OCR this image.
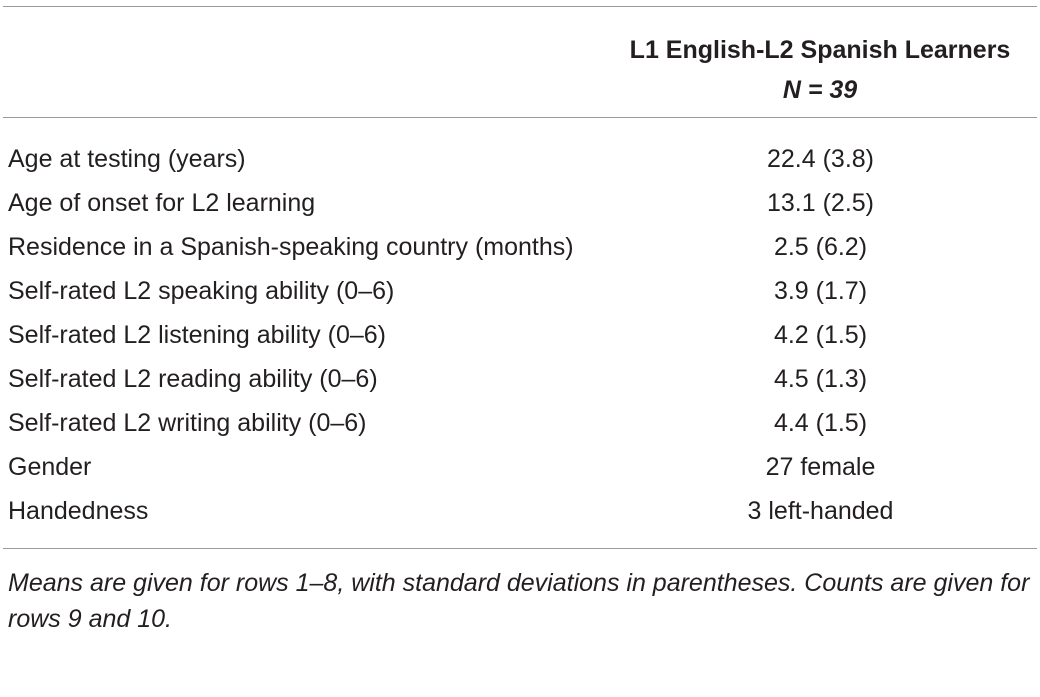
L1 English-L2 Spanish Learners
N = 39
Age at testing (years)	22.4 (3.8)
Age of onset for L2 learning	13.1 (2.5)
Residence in a Spanish-speaking country (months)	2.5 (6.2)
Self-rated L2 speaking ability (0–6)	3.9 (1.7)
Self-rated L2 listening ability (0–6)	4.2 (1.5)
Self-rated L2 reading ability (0–6)	4.5 (1.3)
Self-rated L2 writing ability (0–6)	4.4 (1.5)
Gender	27 female
Handedness	3 left-handed
Means are given for rows 1–8, with standard deviations in parentheses. Counts are given for rows 9 and 10.
